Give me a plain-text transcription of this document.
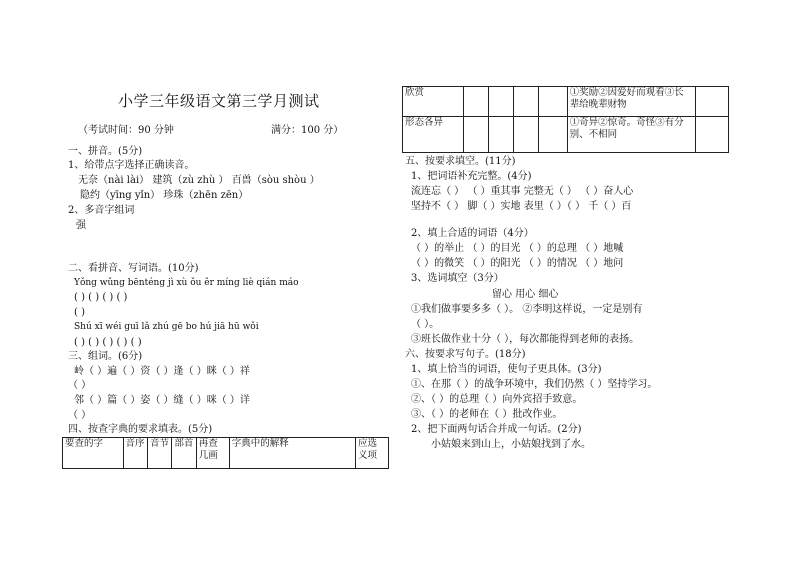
小学三年级语文第三学月测试
（考试时间：90 分钟	满分：100 分）
一、拼音。(5分)
1、给带点字选择正确读音。
无奈（nài lài） 建筑（zù zhù ） 百兽（sòu shòu ）
隐约（yīng yǐn） 珍珠（zhēn zēn）
2、多音字组词
强
二、看拼音、写词语。(10分)
Yǒng wǔng bēnténg jì xù ǒu ěr míng liè qián máo
( ) ( ) ( ) ( )
( )
Shú xī wéi guī lǎ zhú gē bo hú jiā hū wǒi
( ) ( ) ( ) ( ) ( )
三、组词。(6分)
岭（ ）遍（ ）资（ ）逢（ ）眯（ ）祥
（ ）
邻（ ）篇（ ）姿（ ）缝（ ）咪（ ）详
（ ）
四、按查字典的要求填表。(5分)
要查的字	音序	音节	部首	再查几画	字典中的解释	应选义项
欣赏					①奖励②因爱好而观看③长辈给晚辈财物	
形态各异					①奇异②惊奇。奇怪③有分别、不相同	
五、按要求填空。(11分)
1、把词语补充完整。(4分)
流连忘（ ） （ ）重其事 完整无（ ） （ ）奋人心
坚持不（ ） 脚（ ）实地 表里（ ）（ ） 千（ ）百
2、填上合适的词语（4分）
（ ）的举止 （ ）的目光 （ ）的总理 （ ）地喊
（ ）的微笑 （ ）的阳光 （ ）的情况 （ ）地问
3、选词填空（3分）
留心 用心 细心
①我们做事要多多（ ）。 ②李明这样说，一定是别有
（ ）。
③班长做作业十分（ ），每次都能得到老师的表扬。
六、按要求写句子。(18分)
1、填上恰当的词语，使句子更具体。(3分)
①、在那（ ）的战争环境中，我们仍然（ ）坚持学习。
②、（ ）的总理（ ）向外宾招手致意。
③、（ ）的老师在（ ）批改作业。
2、把下面两句话合并成一句话。(2分)
小姑娘来到山上，小姑娘找到了水。
